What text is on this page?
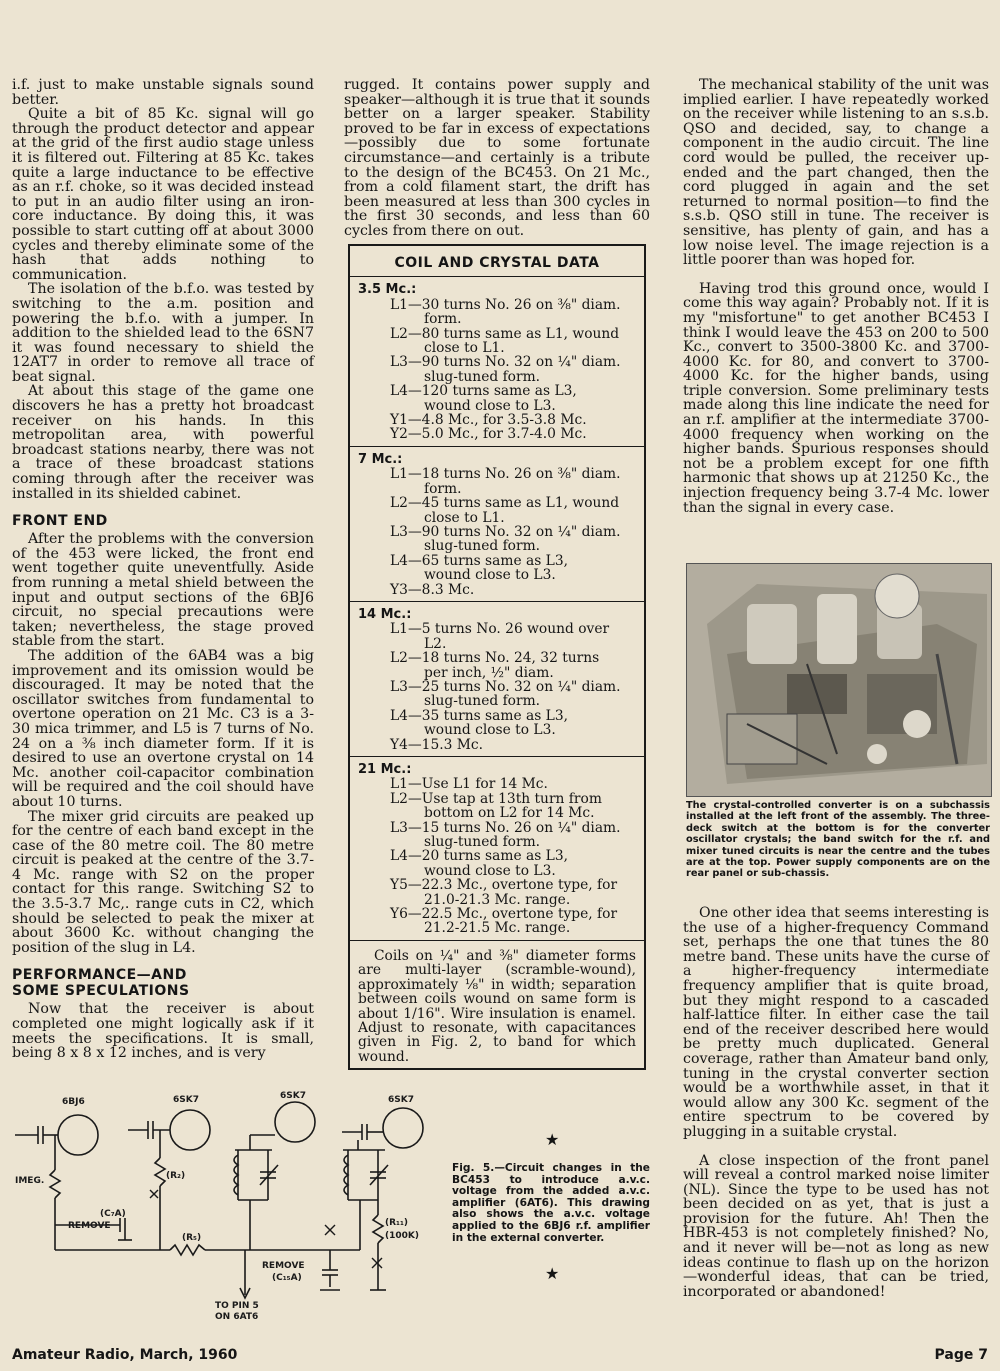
i.f. just to make unstable signals sound better.

Quite a bit of 85 Kc. signal will go through the product detector and appear at the grid of the first audio stage unless it is filtered out. Filtering at 85 Kc. takes quite a large inductance to be effective as an r.f. choke, so it was decided instead to put in an audio filter using an iron-core inductance. By doing this, it was possible to start cutting off at about 3000 cycles and thereby eliminate some of the hash that adds nothing to communication.

The isolation of the b.f.o. was tested by switching to the a.m. position and powering the b.f.o. with a jumper. In addition to the shielded lead to the 6SN7 it was found necessary to shield the 12AT7 in order to remove all trace of beat signal.

At about this stage of the game one discovers he has a pretty hot broadcast receiver on his hands. In this metropolitan area, with powerful broadcast stations nearby, there was not a trace of these broadcast stations coming through after the receiver was installed in its shielded cabinet.

FRONT END

After the problems with the conversion of the 453 were licked, the front end went together quite uneventfully. Aside from running a metal shield between the input and output sections of the 6BJ6 circuit, no special precautions were taken; nevertheless, the stage proved stable from the start.

The addition of the 6AB4 was a big improvement and its omission would be discouraged. It may be noted that the oscillator switches from fundamental to overtone operation on 21 Mc. C3 is a 3-30 mica trimmer, and L5 is 7 turns of No. 24 on a ⅜ inch diameter form. If it is desired to use an overtone crystal on 14 Mc. another coil-capacitor combination will be required and the coil should have about 10 turns.

The mixer grid circuits are peaked up for the centre of each band except in the case of the 80 metre coil. The 80 metre circuit is peaked at the centre of the 3.7-4 Mc. range with S2 on the proper contact for this range. Switching S2 to the 3.5-3.7 Mc,. range cuts in C2, which should be selected to peak the mixer at about 3600 Kc. without changing the position of the slug in L4.

PERFORMANCE—AND
SOME SPECULATIONS

Now that the receiver is about completed one might logically ask if it meets the specifications. It is small, being 8 x 8 x 12 inches, and is very

rugged. It contains power supply and speaker—although it is true that it sounds better on a larger speaker. Stability proved to be far in excess of expectations—possibly due to some fortunate circumstance—and certainly is a tribute to the design of the BC453. On 21 Mc., from a cold filament start, the drift has been measured at less than 300 cycles in the first 30 seconds, and less than 60 cycles from there on out.

COIL AND CRYSTAL DATA
3.5 Mc.:
L1—30 turns No. 26 on ⅜" diam.
form.
L2—80 turns same as L1, wound
close to L1.
L3—90 turns No. 32 on ¼" diam.
slug-tuned form.
L4—120 turns same as L3,
wound close to L3.
Y1—4.8 Mc., for 3.5-3.8 Mc.
Y2—5.0 Mc., for 3.7-4.0 Mc.
7 Mc.:
L1—18 turns No. 26 on ⅜" diam.
form.
L2—45 turns same as L1, wound
close to L1.
L3—90 turns No. 32 on ¼" diam.
slug-tuned form.
L4—65 turns same as L3,
wound close to L3.
Y3—8.3 Mc.
14 Mc.:
L1—5 turns No. 26 wound over
L2.
L2—18 turns No. 24, 32 turns
per inch, ½" diam.
L3—25 turns No. 32 on ¼" diam.
slug-tuned form.
L4—35 turns same as L3,
wound close to L3.
Y4—15.3 Mc.
21 Mc.:
L1—Use L1 for 14 Mc.
L2—Use tap at 13th turn from
bottom on L2 for 14 Mc.
L3—15 turns No. 26 on ¼" diam.
slug-tuned form.
L4—20 turns same as L3,
wound close to L3.
Y5—22.3 Mc., overtone type, for
21.0-21.3 Mc. range.
Y6—22.5 Mc., overtone type, for
21.2-21.5 Mc. range.
Coils on ¼" and ⅜" diameter forms are multi-layer (scramble-wound), approximately ⅛" in width; separation between coils wound on same form is about 1/16". Wire insulation is enamel. Adjust to resonate, with capacitances given in Fig. 2, to band for which wound.

The mechanical stability of the unit was implied earlier. I have repeatedly worked on the receiver while listening to an s.s.b. QSO and decided, say, to change a component in the audio circuit. The line cord would be pulled, the receiver up-ended and the part changed, then the cord plugged in again and the set returned to normal position—to find the s.s.b. QSO still in tune. The receiver is sensitive, has plenty of gain, and has a low noise level. The image rejection is a little poorer than was hoped for.

Having trod this ground once, would I come this way again? Probably not. If it is my "misfortune" to get another BC453 I think I would leave the 453 on 200 to 500 Kc., convert to 3500-3800 Kc. and 3700-4000 Kc. for 80, and convert to 3700-4000 Kc. for the higher bands, using triple conversion. Some preliminary tests made along this line indicate the need for an r.f. amplifier at the intermediate 3700-4000 frequency when working on the higher bands. Spurious responses should not be a problem except for one fifth harmonic that shows up at 21250 Kc., the injection frequency being 3.7-4 Mc. lower than the signal in every case.

The crystal-controlled converter is on a subchassis installed at the left front of the assembly. The three-deck switch at the bottom is for the converter oscillator crystals; the band switch for the r.f. and mixer tuned circuits is near the centre and the tubes are at the top. Power supply components are on the rear panel or sub-chassis.

One other idea that seems interesting is the use of a higher-frequency Command set, perhaps the one that tunes the 80 metre band. These units have the curse of a higher-frequency intermediate frequency amplifier that is quite broad, but they might respond to a cascaded half-lattice filter. In either case the tail end of the receiver described here would be pretty much duplicated. General coverage, rather than Amateur band only, tuning in the crystal converter section would be a worthwhile asset, in that it would allow any 300 Kc. segment of the entire spectrum to be covered by plugging in a suitable crystal.

A close inspection of the front panel will reveal a control marked noise limiter (NL). Since the type to be used has not been decided on as yet, that is just a provision for the future. Ah! Then the HBR-453 is not completely finished? No, and it never will be—not as long as new ideas continue to flash up on the horizon—wonderful ideas, that can be tried, incorporated or abandoned!

6BJ6	6SK7	6SK7	6SK7
IMEG.	(R₂)
(C₇A)
REMOVE
(R₅)
(R₁₁)
(100K)
REMOVE
(C₁₅A)
TO PIN 5
ON 6AT6
★
Fig. 5.—Circuit changes in the BC453 to introduce a.v.c. voltage from the added a.v.c. amplifier (6AT6). This drawing also shows the a.v.c. voltage applied to the 6BJ6 r.f. amplifier in the external converter.
★
Amateur Radio, March, 1960	Page 7
